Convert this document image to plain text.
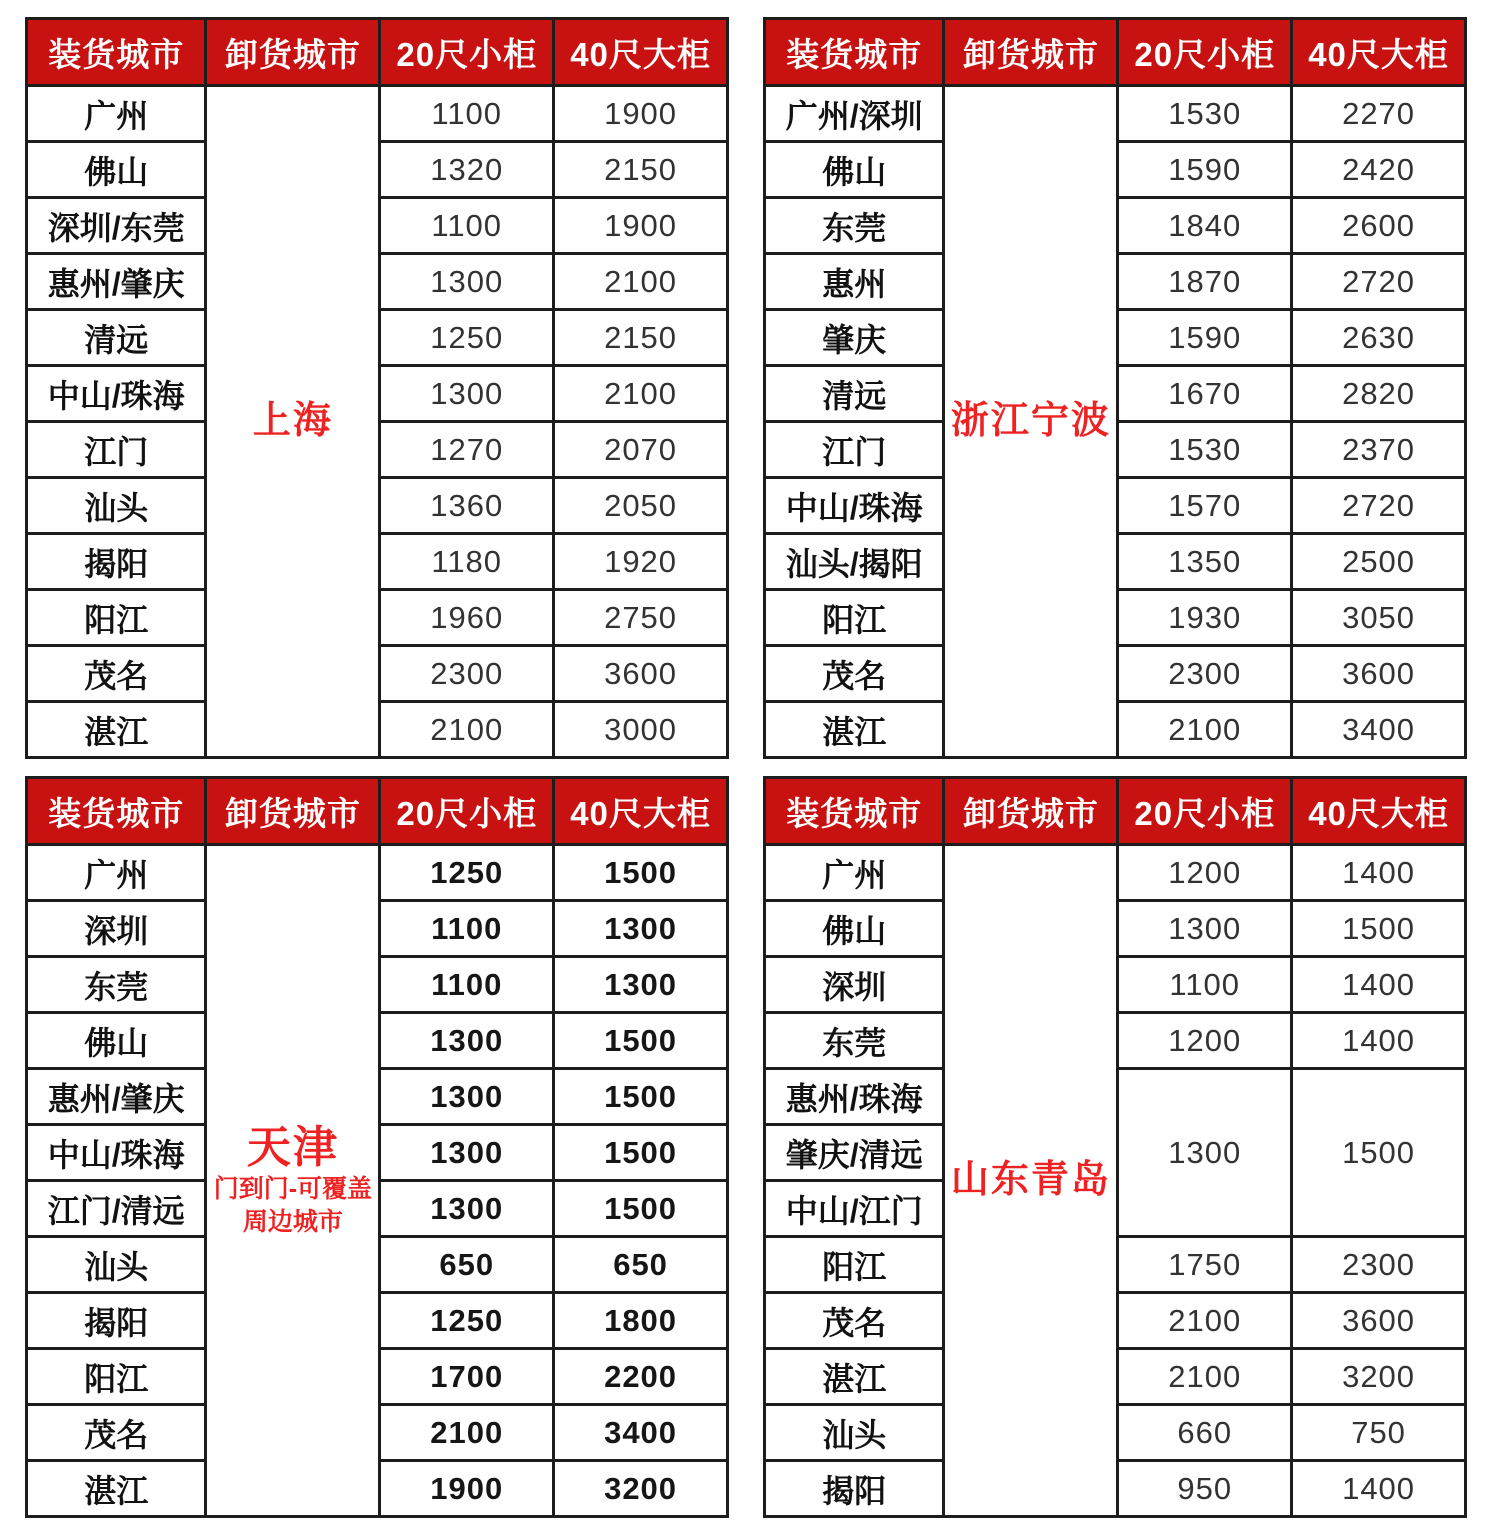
装货城市	卸货城市	20尺小柜	40尺大柜
广州	上海	1100	1900
佛山		1320	2150
深圳/东莞		1100	1900
惠州/肇庆		1300	2100
清远		1250	2150
中山/珠海		1300	2100
江门		1270	2070
汕头		1360	2050
揭阳		1180	1920
阳江		1960	2750
茂名		2300	3600
湛江		2100	3000
装货城市	卸货城市	20尺小柜	40尺大柜
广州/深圳	浙江宁波	1530	2270
佛山		1590	2420
东莞		1840	2600
惠州		1870	2720
肇庆		1590	2630
清远		1670	2820
江门		1530	2370
中山/珠海		1570	2720
汕头/揭阳		1350	2500
阳江		1930	3050
茂名		2300	3600
湛江		2100	3400
装货城市	卸货城市	20尺小柜	40尺大柜
广州	天津
门到门-可覆盖
周边城市	1250	1500
深圳		1100	1300
东莞		1100	1300
佛山		1300	1500
惠州/肇庆		1300	1500
中山/珠海		1300	1500
江门/清远		1300	1500
汕头		650	650
揭阳		1250	1800
阳江		1700	2200
茂名		2100	3400
湛江		1900	3200
装货城市	卸货城市	20尺小柜	40尺大柜
广州	山东青岛	1200	1400
佛山		1300	1500
深圳		1100	1400
东莞		1200	1400
惠州/珠海		1300	1500
肇庆/清远			
中山/江门			
阳江		1750	2300
茂名		2100	3600
湛江		2100	3200
汕头		660	750
揭阳		950	1400
